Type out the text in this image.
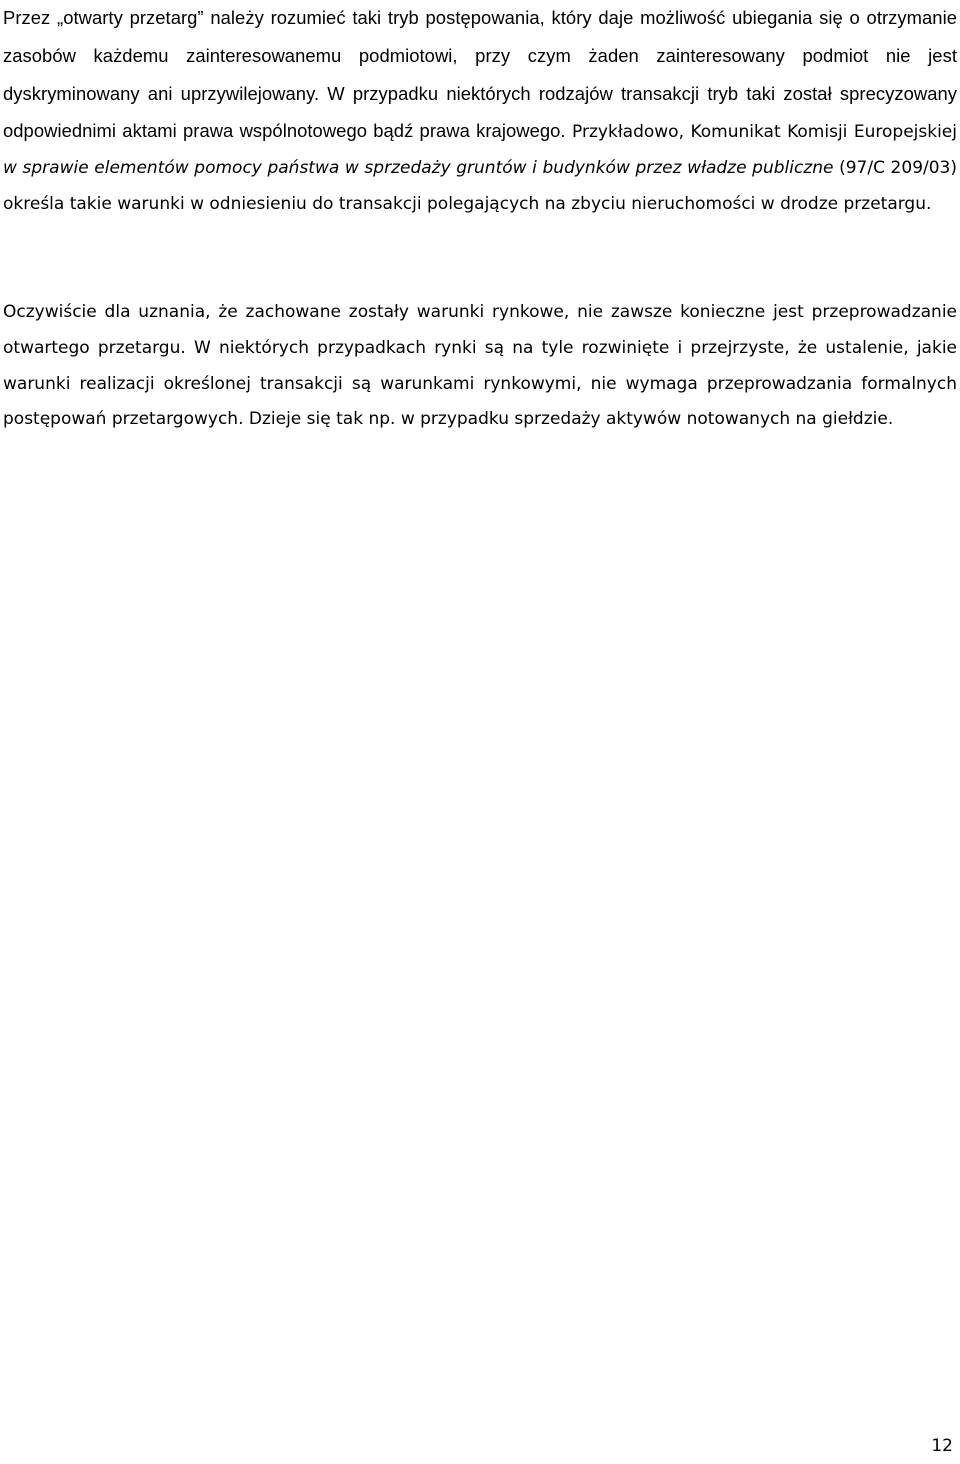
Przez „otwarty przetarg” należy rozumieć taki tryb postępowania, który daje możliwość ubiegania się o otrzymanie zasobów każdemu zainteresowanemu podmiotowi, przy czym żaden zainteresowany podmiot nie jest dyskryminowany ani uprzywilejowany. W przypadku niektórych rodzajów transakcji tryb taki został sprecyzowany odpowiednimi aktami prawa wspólnotowego bądź prawa krajowego. Przykładowo, Komunikat Komisji Europejskiej w sprawie elementów pomocy państwa w sprzedaży gruntów i budynków przez władze publiczne (97/C 209/03) określa takie warunki w odniesieniu do transakcji polegających na zbyciu nieruchomości w drodze przetargu.

Oczywiście dla uznania, że zachowane zostały warunki rynkowe, nie zawsze konieczne jest przeprowadzanie otwartego przetargu. W niektórych przypadkach rynki są na tyle rozwinięte i przejrzyste, że ustalenie, jakie warunki realizacji określonej transakcji są warunkami rynkowymi, nie wymaga przeprowadzania formalnych postępowań przetargowych. Dzieje się tak np. w przypadku sprzedaży aktywów notowanych na giełdzie.

12
